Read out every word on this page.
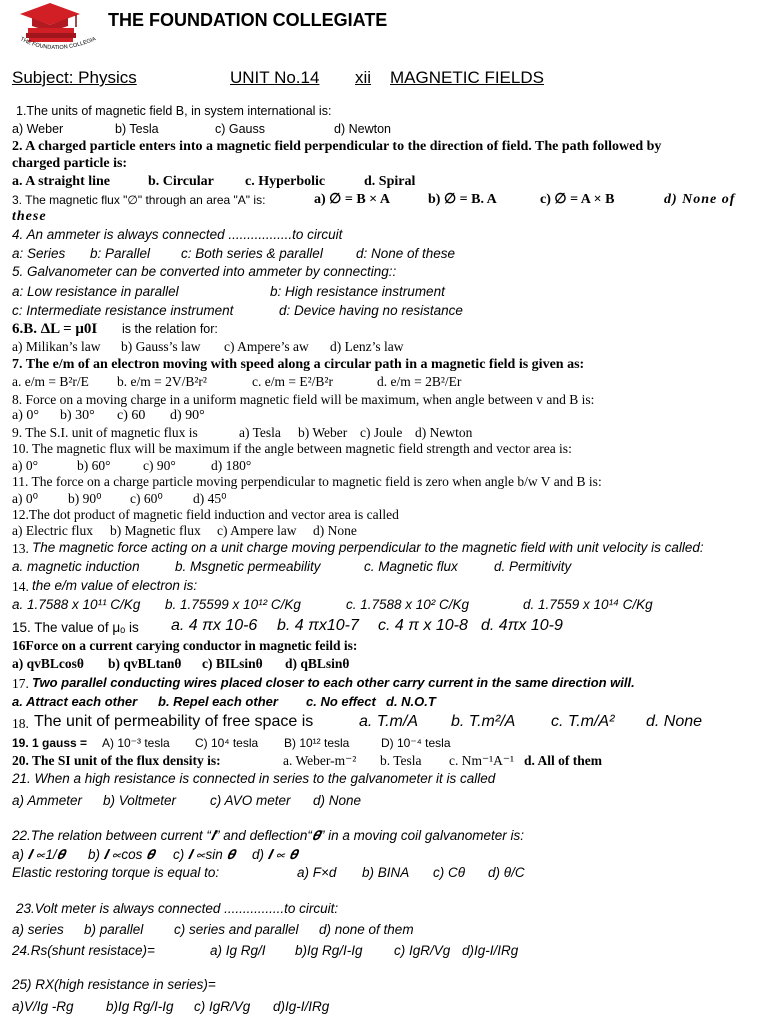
THE FOUNDATION COLLEGIA
THE FOUNDATION COLLEGIATE
Subject: Physics	UNIT No.14 xii MAGNETIC FIELDS
1.The units of magnetic field B, in system international is:
a) Weber	b) Tesla	c) Gauss	d) Newton
2. A charged particle enters into a magnetic field perpendicular to the direction of field. The path followed by
charged particle is:
a. A straight line	b. Circular c. Hyperbolic	d. Spiral
3. The magnetic flux "∅" through an area "A" is:	a) ∅ = B × A	b) ∅ = B. A	c) ∅ = A × B	d) None of
these
4. An ammeter is always connected .................to circuit
a: Series b: Parallel c: Both series & parallel d: None of these
5. Galvanometer can be converted into ammeter by connecting::
a: Low resistance in parallel	b: High resistance instrument
c: Intermediate resistance instrument	d: Device having no resistance
6.B. ΔL = μ0I is the relation for:
a) Milikan’s law b) Gauss’s law c) Ampere’s aw d) Lenz’s law
7. The e/m of an electron moving with speed along a circular path in a magnetic field is given as:
a. e/m = B²r/E b. e/m = 2V/B²r²	c. e/m = E²/B²r	d. e/m = 2B²/Er
8. Force on a moving charge in a uniform magnetic field will be maximum, when angle between v and B is:
a) 0° b) 30° c) 60 d) 90°
9. The S.I. unit of magnetic flux is	a) Tesla b) Weber c) Joule d) Newton
10. The magnetic flux will be maximum if the angle between magnetic field strength and vector area is:
a) 0°	b) 60° c) 90°	d) 180°
11. The force on a charge particle moving perpendicular to magnetic field is zero when angle b/w V and B is:
a) 0⁰ b) 90⁰ c) 60⁰ d) 45⁰
12.The dot product of magnetic field induction and vector area is called
a) Electric flux b) Magnetic flux c) Ampere law d) None
13. The magnetic force acting on a unit charge moving perpendicular to the magnetic field with unit velocity is called:
a. magnetic induction	b. Msgnetic permeability	c. Magnetic flux	d. Permitivity
14. the e/m value of electron is:
a. 1.7588 x 10¹¹ C/Kg b. 1.75599 x 10¹² C/Kg	c. 1.7588 x 10² C/Kg	d. 1.7559 x 10¹⁴ C/Kg
15. The value of μₒ is a. 4 πx 10-6 b. 4 πx10-7 c. 4 π x 10-8 d. 4πx 10-9
16Force on a current carying conductor in magnetic feild is:
a) qvBLcosθ b) qvBLtanθ c) BILsinθ d) qBLsinθ
17. Two parallel conducting wires placed closer to each other carry current in the same direction will.
a. Attract each other b. Repel each other c. No effect d. N.O.T
18. The unit of permeability of free space is	a. T.m/A b. T.m²/A c. T.m/A² d. None
19. 1 gauss = A) 10⁻³ tesla C) 10⁴ tesla B) 10¹² tesla	D) 10⁻⁴ tesla
20. The SI unit of the flux density is:	a. Weber-m⁻² b. Tesla c. Nm⁻¹A⁻¹ d. All of them
21. When a high resistance is connected in series to the galvanometer it is called
a) Ammeter b) Voltmeter	c) AVO meter d) None
22.The relation between current “𝑰” and deflection“𝜽” in a moving coil galvanometer is:
a) 𝑰 ∝1/𝜽 b) 𝑰 ∝cos 𝜽 c) 𝑰 ∝sin 𝜽 d) 𝑰 ∝ 𝜽
Elastic restoring torque is equal to:	a) F×d b) BINA c) Cθ d) θ/C
23.Volt meter is always connected ................to circuit:
a) series b) parallel c) series and parallel d) none of them
24.Rs(shunt resistace)=	a) Ig Rg/I b)Ig Rg/I-Ig c) IgR/Vg d)Ig-I/IRg
25) RX(high resistance in series)=
a)V/Ig -Rg b)Ig Rg/I-Ig c) IgR/Vg d)Ig-I/IRg
